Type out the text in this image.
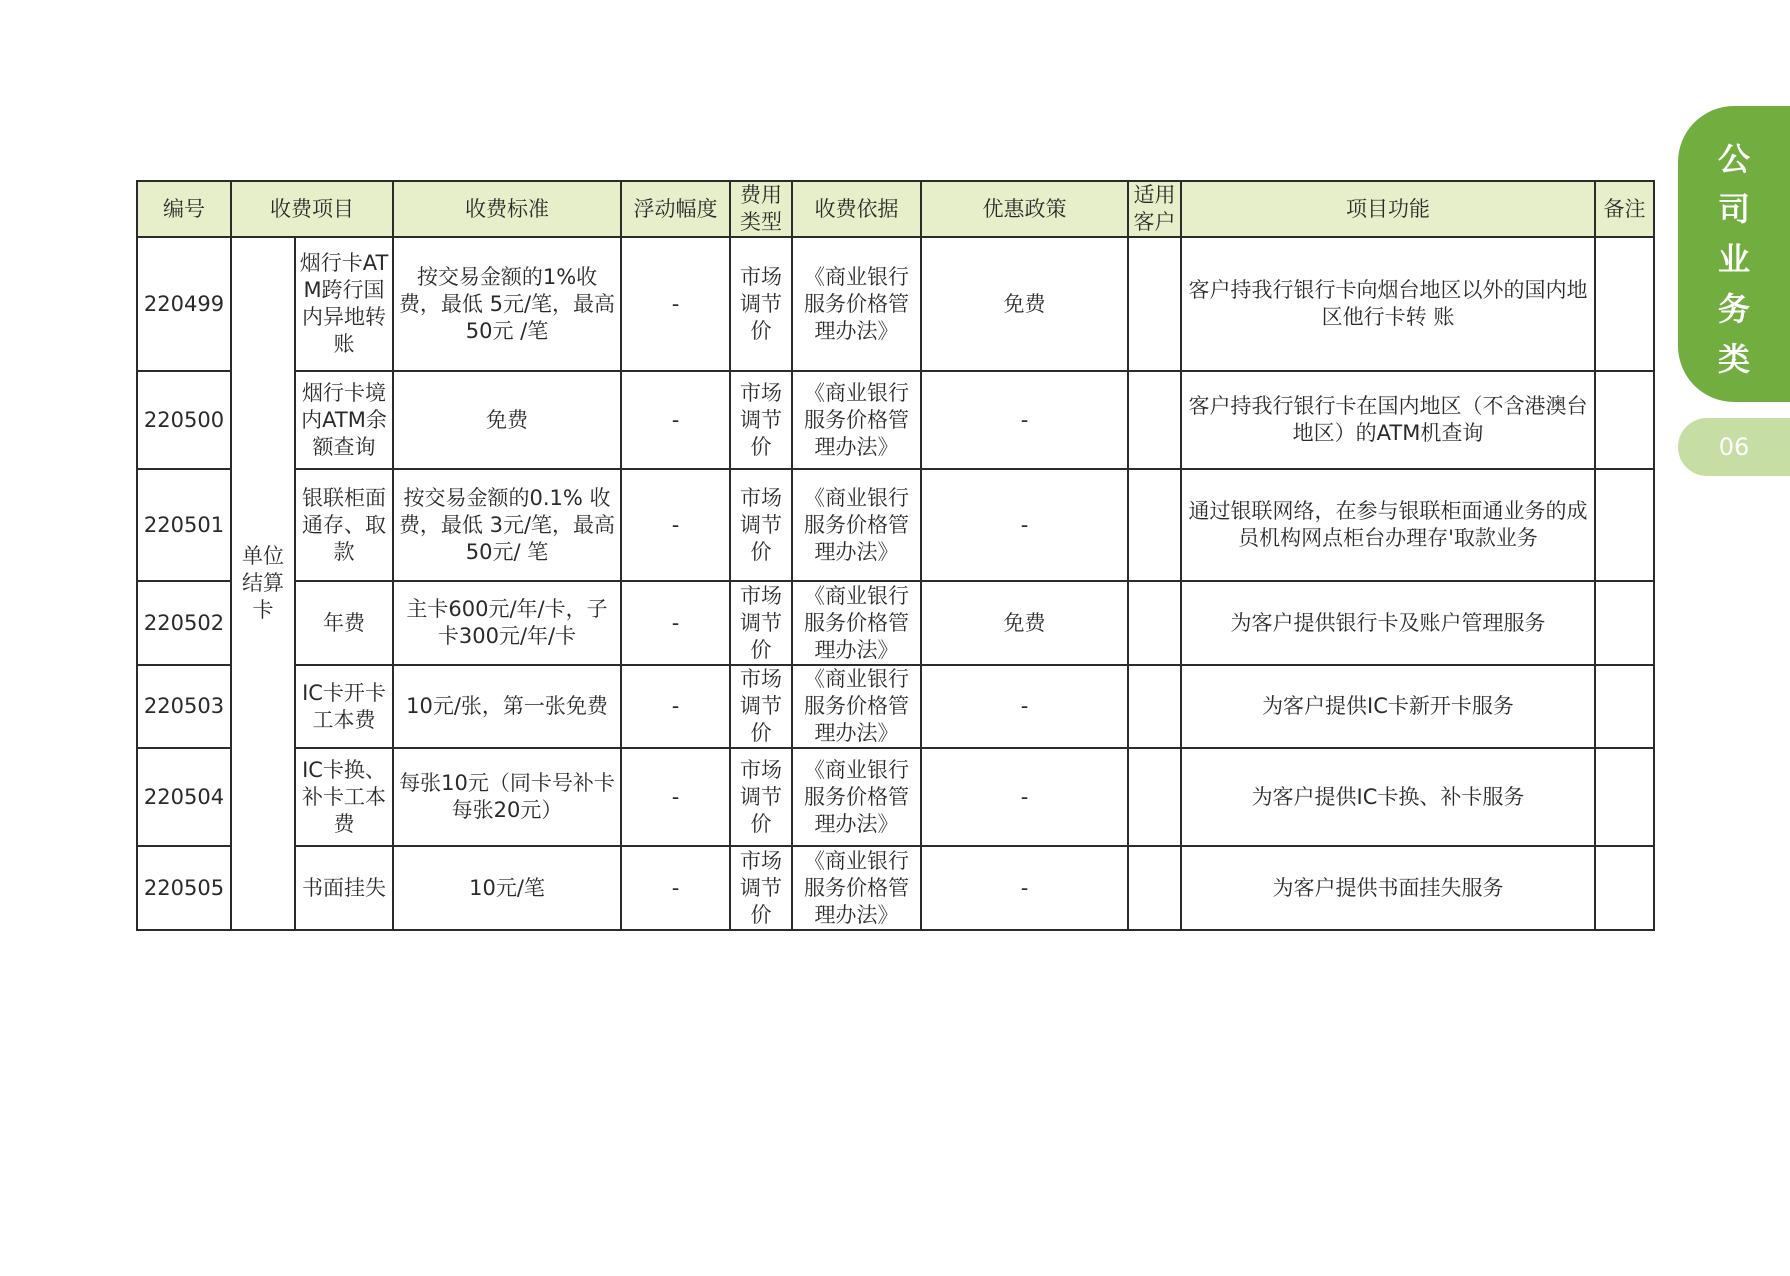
公司业务类
06
编号	收费项目		收费标准	浮动幅度	费用类型	收费依据	优惠政策	适用客户	项目功能	备注
220499	单位结算卡	烟行卡ATM跨行国内异地转账	按交易金额的1%收 费，最低 5元/笔，最高 50元 /笔	-	市场调节价	《商业银行服务价格管理办法》	免费		客户持我行银行卡向烟台地区以外的国内地区他行卡转 账	
220500		烟行卡境内ATM余额查询	免费	-	市场调节价	《商业银行服务价格管理办法》	-		客户持我行银行卡在国内地区（不含港澳台地区）的ATM机查询	
220501		银联柜面通存、取款	按交易金额的0.1% 收费，最低 3元/笔，最高50元/ 笔	-	市场调节价	《商业银行服务价格管理办法》	-		通过银联网络，在参与银联柜面通业务的成员机构网点柜台办理存'取款业务	
220502		年费	主卡600元/年/卡，子卡300元/年/卡	-	市场调节价	《商业银行服务价格管理办法》	免费		为客户提供银行卡及账户管理服务	
220503		IC卡开卡工本费	10元/张，第一张免费	-	市场调节价	《商业银行服务价格管理办法》	-		为客户提供IC卡新开卡服务	
220504		IC卡换、补卡工本费	每张10元（同卡号补卡每张20元）	-	市场调节价	《商业银行服务价格管理办法》	-		为客户提供IC卡换、补卡服务	
220505		书面挂失	10元/笔	-	市场调节价	《商业银行服务价格管理办法》	-		为客户提供书面挂失服务	
